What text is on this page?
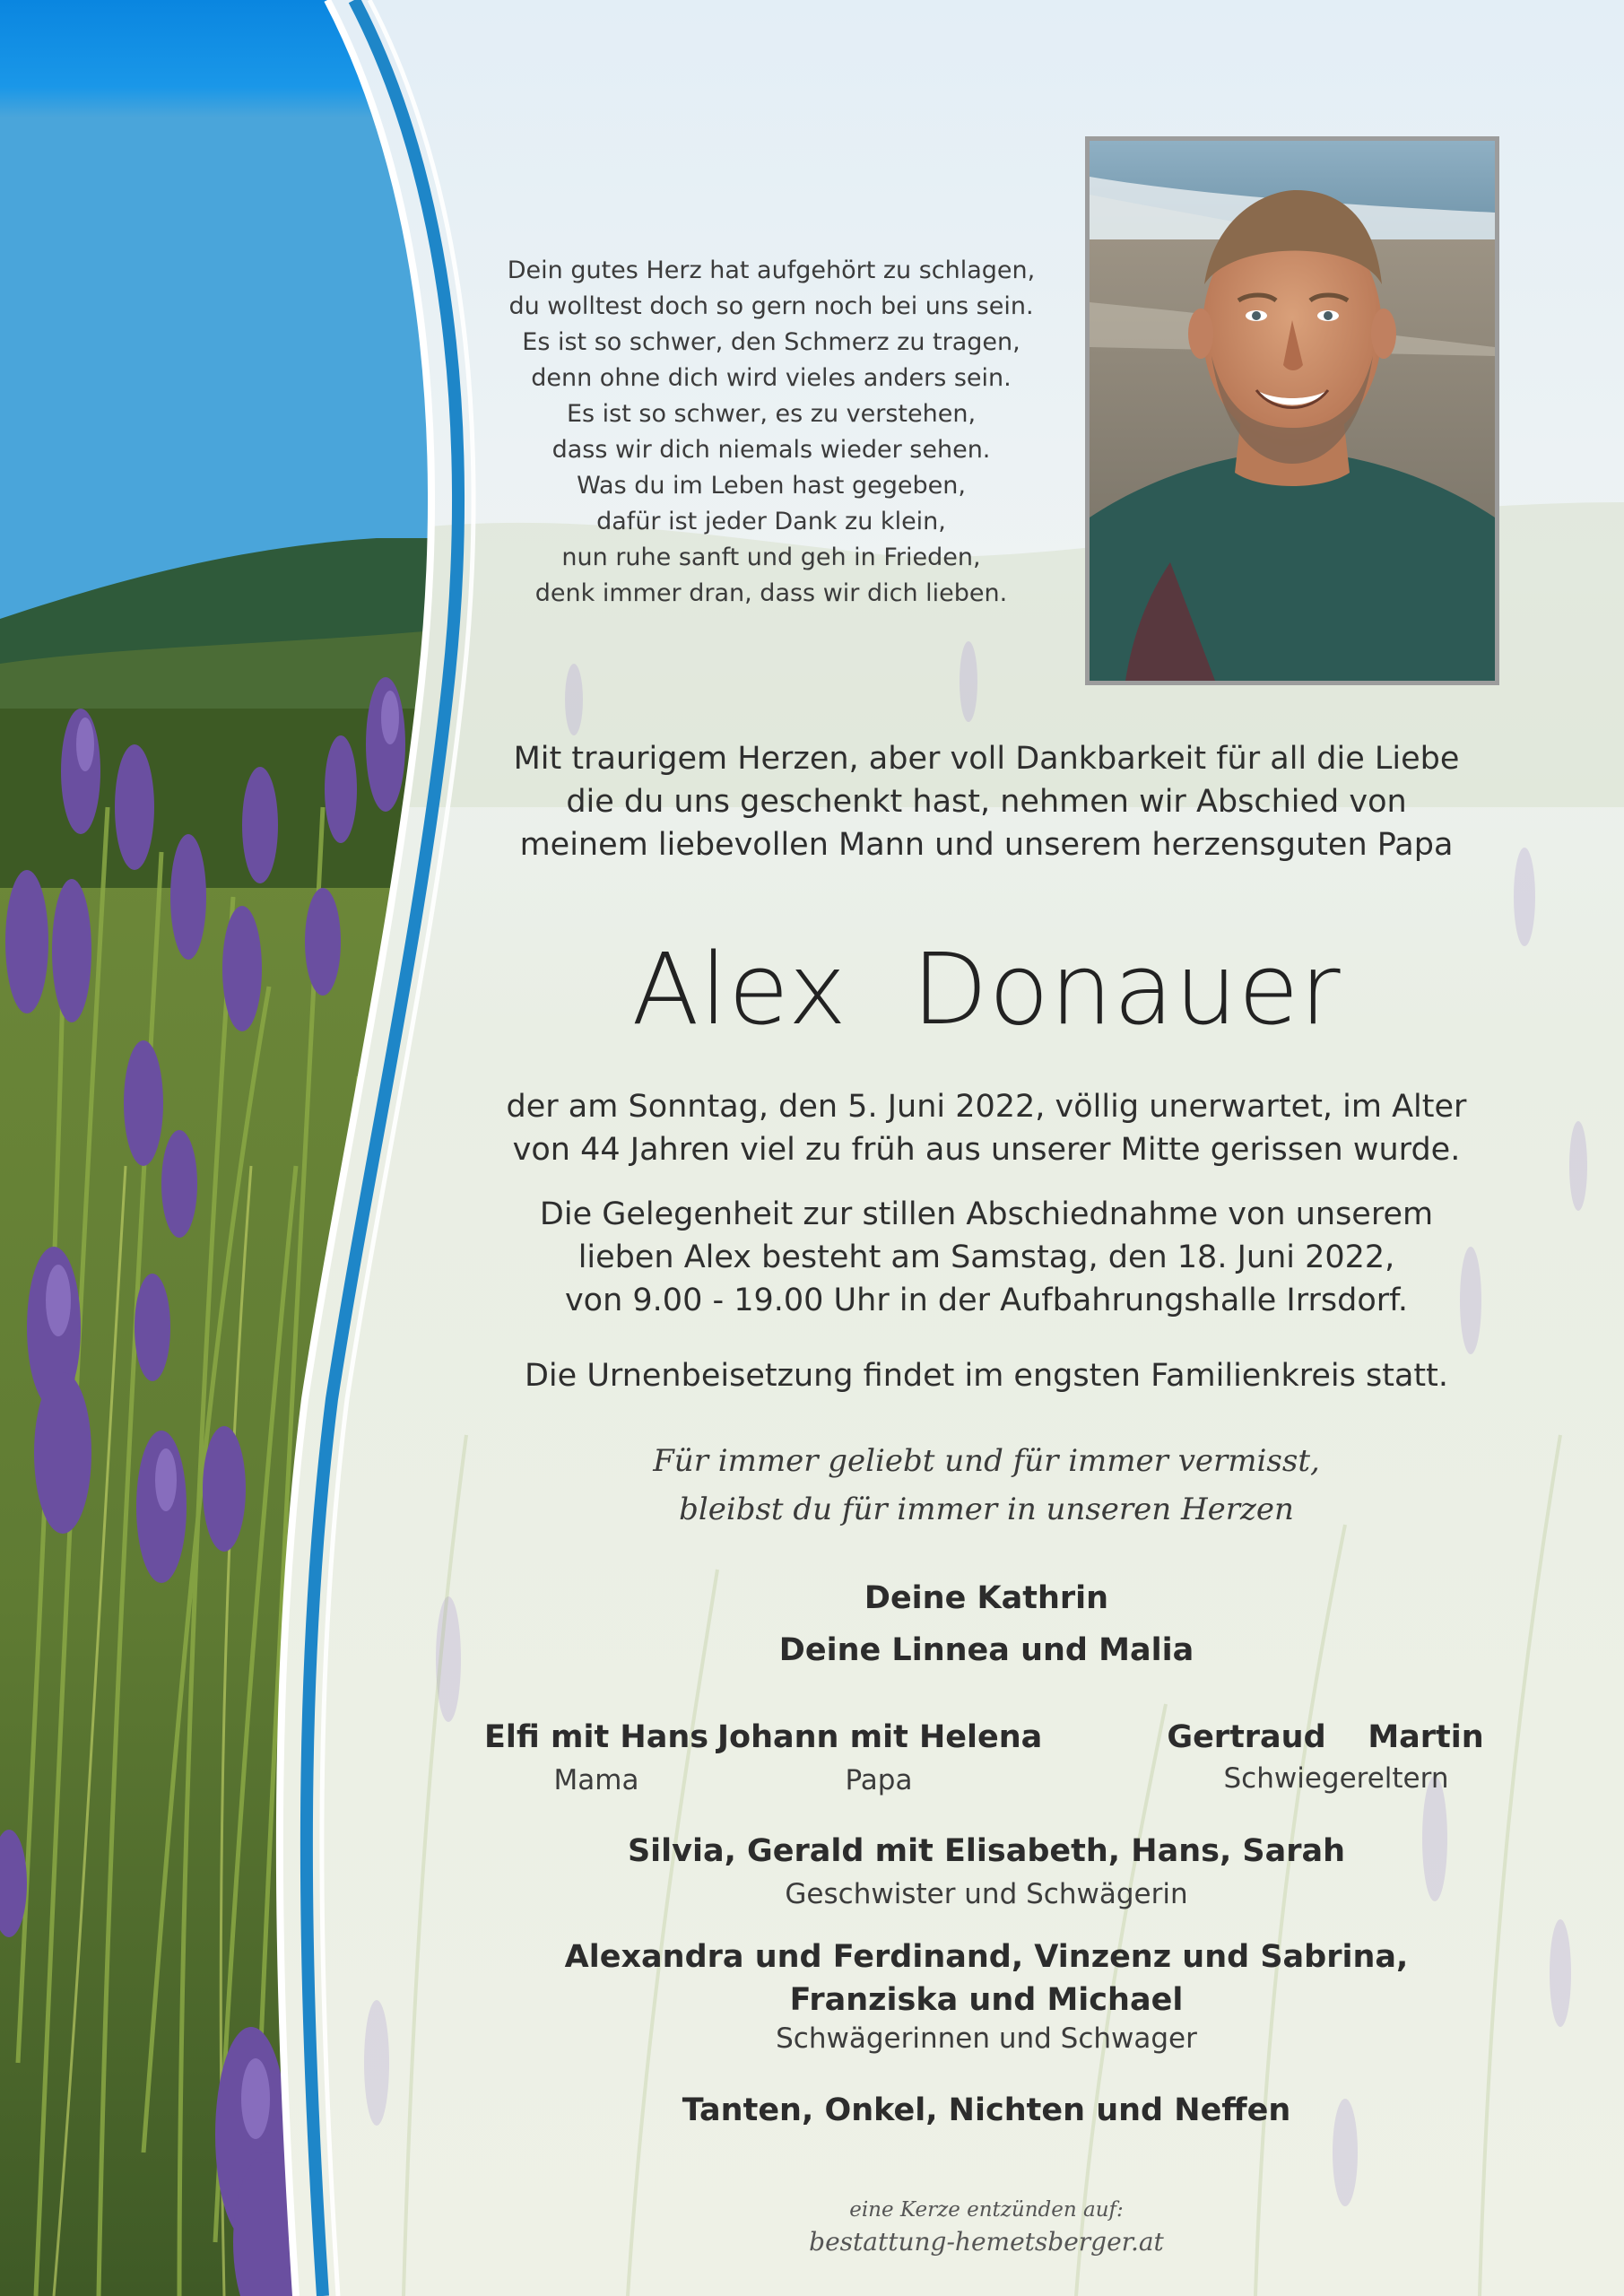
Dein gutes Herz hat aufgehört zu schlagen,
du wolltest doch so gern noch bei uns sein.
Es ist so schwer, den Schmerz zu tragen,
denn ohne dich wird vieles anders sein.
Es ist so schwer, es zu verstehen,
dass wir dich niemals wieder sehen.
Was du im Leben hast gegeben,
dafür ist jeder Dank zu klein,
nun ruhe sanft und geh in Frieden,
denk immer dran, dass wir dich lieben.
Mit traurigem Herzen, aber voll Dankbarkeit für all die Liebe
die du uns geschenkt hast, nehmen wir Abschied von
meinem liebevollen Mann und unserem herzensguten Papa
Alex  Donauer
der am Sonntag, den 5. Juni 2022, völlig unerwartet, im Alter
von 44 Jahren viel zu früh aus unserer Mitte gerissen wurde.
Die Gelegenheit zur stillen Abschiednahme von unserem
lieben Alex besteht am Samstag, den 18. Juni 2022,
von 9.00 - 19.00 Uhr in der Aufbahrungshalle Irrsdorf.
Die Urnenbeisetzung findet im engsten Familienkreis statt.
Für immer geliebt und für immer vermisst,
bleibst du für immer in unseren Herzen
Deine Kathrin
Deine Linnea und Malia
Elfi mit Hans
Mama
Johann mit Helena
Papa
Gertraud	Martin
Schwiegereltern
Silvia, Gerald mit Elisabeth, Hans, Sarah
Geschwister und Schwägerin
Alexandra und Ferdinand, Vinzenz und Sabrina,
Franziska und Michael
Schwägerinnen und Schwager
Tanten, Onkel, Nichten und Neffen
eine Kerze entzünden auf:
bestattung-hemetsberger.at
